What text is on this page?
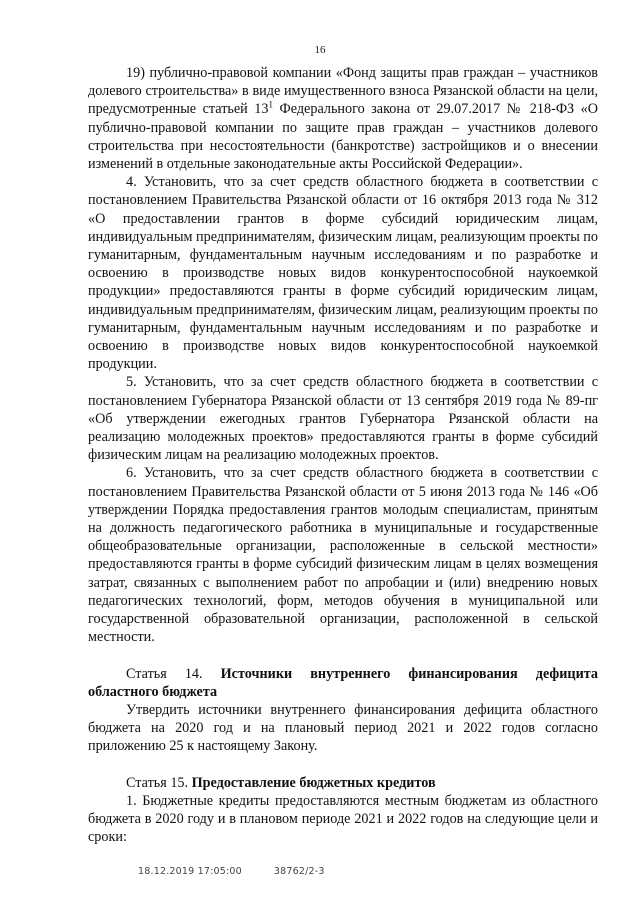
16

19) публично-правовой компании «Фонд защиты прав граждан – участников долевого строительства» в виде имущественного взноса Рязанской области на цели, предусмотренные статьей $13^1$ Федерального закона от 29.07.2017 № 218-ФЗ «О публично-правовой компании по защите прав граждан – участников долевого строительства при несостоятельности (банкротстве) застройщиков и о внесении изменений в отдельные законодательные акты Российской Федерации».

4. Установить, что за счет средств областного бюджета в соответствии с постановлением Правительства Рязанской области от 16 октября 2013 года № 312 «О предоставлении грантов в форме субсидий юридическим лицам, индивидуальным предпринимателям, физическим лицам, реализующим проекты по гуманитарным, фундаментальным научным исследованиям и по разработке и освоению в производстве новых видов конкурентоспособной наукоемкой продукции» предоставляются гранты в форме субсидий юридическим лицам, индивидуальным предпринимателям, физическим лицам, реализующим проекты по гуманитарным, фундаментальным научным исследованиям и по разработке и освоению в производстве новых видов конкурентоспособной наукоемкой продукции.

5. Установить, что за счет средств областного бюджета в соответствии с постановлением Губернатора Рязанской области от 13 сентября 2019 года № 89-пг «Об утверждении ежегодных грантов Губернатора Рязанской области на реализацию молодежных проектов» предоставляются гранты в форме субсидий физическим лицам на реализацию молодежных проектов.

6. Установить, что за счет средств областного бюджета в соответствии с постановлением Правительства Рязанской области от 5 июня 2013 года № 146 «Об утверждении Порядка предоставления грантов молодым специалистам, принятым на должность педагогического работника в муниципальные и государственные общеобразовательные организации, расположенные в сельской местности» предоставляются гранты в форме субсидий физическим лицам в целях возмещения затрат, связанных с выполнением работ по апробации и (или) внедрению новых педагогических технологий, форм, методов обучения в муниципальной или государственной образовательной организации, расположенной в сельской местности.

Статья 14. Источники внутреннего финансирования дефицита областного бюджета

Утвердить источники внутреннего финансирования дефицита областного бюджета на 2020 год и на плановый период 2021 и 2022 годов согласно приложению 25 к настоящему Закону.

Статья 15. Предоставление бюджетных кредитов

1. Бюджетные кредиты предоставляются местным бюджетам из областного бюджета в 2020 году и в плановом периоде 2021 и 2022 годов на следующие цели и сроки:

18.12.2019 17:05:00	38762/2-3
